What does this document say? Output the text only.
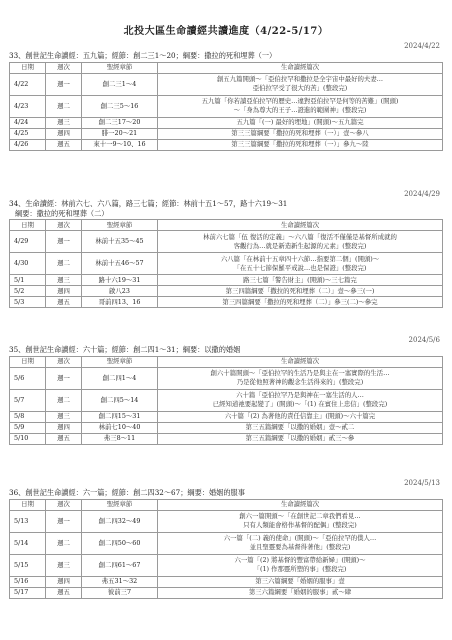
北投大區生命讀經共讀進度（4/22-5/17）
2024/4/22
33、創世記生命讀經：五九篇；經節：創二三1～20；綱要：撒拉的死和埋葬（一）
日期	週次	聖經章節	生命讀經篇次
4/22	週一	創二三1～4	創五九篇開頭～「亞伯拉罕和撒拉是全宇宙中最好的夫妻…
亞伯拉罕受了很大的苦」(整段完)

4/23	週二	創二三5～16	五九篇「你若讀亞伯拉罕的歷史…違對亞伯拉罕是何等的苦難」(開頭)
～「身為尊大的王子…證進的範圍神」(整段完)

4/24	週三	創二三17～20	五九篇「(一) 最好的埋地」(開頭)～五九篇完

4/25	週四	腓一20～21	第三三篇綱要「撒拉的死和埋葬（一）」壹～參八

4/26	週五	來十一9～10、16	第三三篇綱要「撒拉的死和埋葬（一）」參九～陸
2024/4/29
34、生命讀經：林前六七、六八篇，路三七篇；經節：林前十五1～57，路十六19～31
綱要：撒拉的死和埋葬（二）
日期	週次	聖經章節	生命讀經篇次
4/29	週一	林前十五35～45	林前六七篇「伍 復活的定義」～六八篇「復活不僅僅是基督所成就的
客觀行為…就是新造新生起源的元素」(整段完)

4/30	週二	林前十五46～57	六八篇「在林前十五章四十六節…指要第二個」(開頭)～
「在五十七節保羅平戒說…也是保證」(整段完)

5/1	週三	路十六19～31	路三七篇「警告財主」(開頭)～三七篇完

5/2	週四	啟八23	第三四篇綱要「撒拉的死和埋葬（二）」壹～參三(一)

5/3	週五	哥前四13、16	第三四篇綱要「撒拉的死和埋葬（二）」參三(二)～參完
2024/5/6
35、創世記生命讀經：六十篇；經節：創二四1～31；綱要：以撒的婚姻
日期	週次	聖經章節	生命讀經篇次
5/6	週一	創二四1～4	創六十篇開頭～「亞伯拉罕的生活乃是與主在一塞實際的生活…
乃是從他照著神的觀念生活得來的」(整段完)

5/7	週二	創二四5～14	六十篇「亞伯拉罕乃是與神在一塞生活的人…
已經知道祂要起變了」(開頭)～「(1) 在賓住上忠信」(整段完)

5/8	週三	創二四15～31	六十篇「(2) 為著他的責任信靠主」(開頭)～六十篇完

5/9	週四	林前七10～40	第三五篇綱要「以撒的婚姻」壹～貳二

5/10	週五	弗三8～11	第三五篇綱要「以撒的婚姻」貳三～參
2024/5/13
36、創世記生命讀經：六一篇；經節：創二四32～67；綱要：婚姻的服事
日期	週次	聖經章節	生命讀經篇次
5/13	週一	創二四32～49	創六一篇開頭～「在創世記二章我們看見…
只有人類能會格作基督的配偶」(整段完)

5/14	週二	創二四50～60	六一篇「(二) 義的使命」(開頭)～「亞伯拉罕的僕人…
並且聖靈要為基督得著他」(整段完)

5/15	週三	創二四61～67	六一篇「(2) 將基督的豐富帶給新婦」(開頭)～
「(1) 作那靈所塑的事」(整段完)

5/16	週四	弗五31～32	第三六篇綱要「婚姻的服事」壹

5/17	週五	彼前三7	第三六篇綱要「婚姻的服事」貳～肆
